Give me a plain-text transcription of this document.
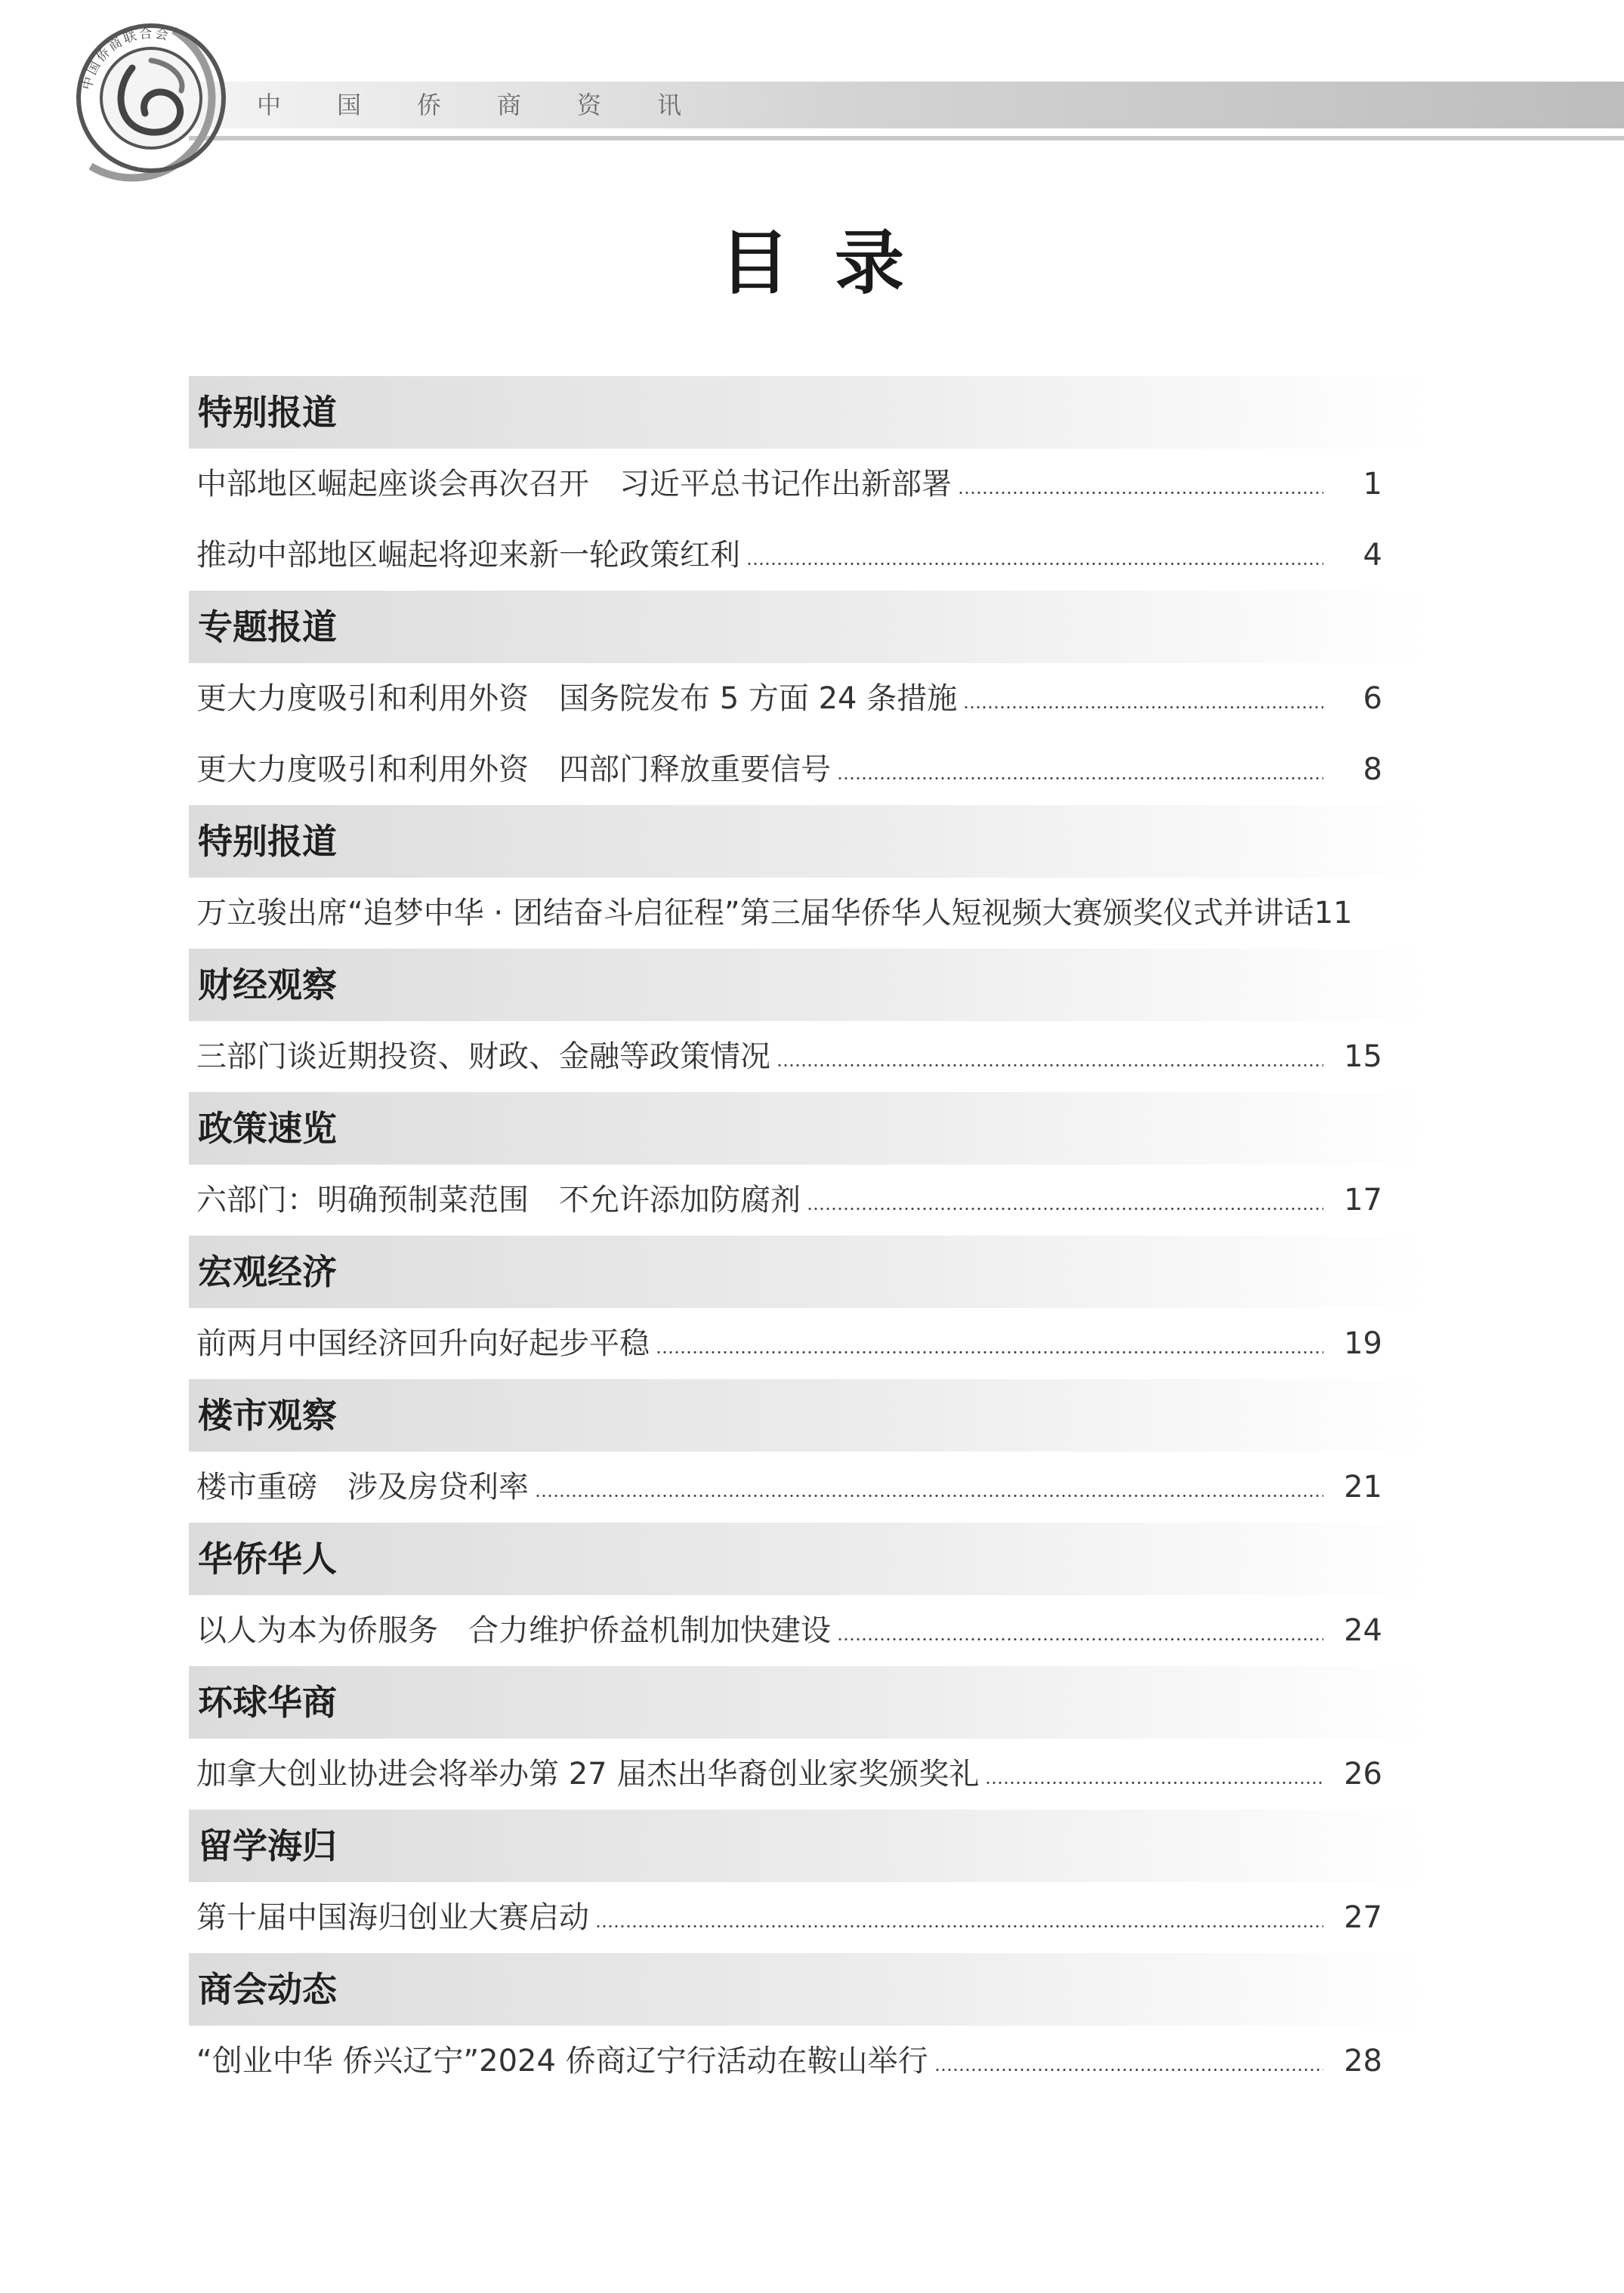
中国侨商资讯
中国侨商联合会
目录
特别报道
中部地区崛起座谈会再次召开　习近平总书记作出新部署	1
推动中部地区崛起将迎来新一轮政策红利	4
专题报道
更大力度吸引和利用外资　国务院发布 5 方面 24 条措施	6
更大力度吸引和利用外资　四部门释放重要信号	8
特别报道
万立骏出席“追梦中华 · 团结奋斗启征程”第三届华侨华人短视频大赛颁奖仪式并讲话 11
财经观察
三部门谈近期投资、财政、金融等政策情况	15
政策速览
六部门：明确预制菜范围　不允许添加防腐剂	17
宏观经济
前两月中国经济回升向好起步平稳	19
楼市观察
楼市重磅　涉及房贷利率	21
华侨华人
以人为本为侨服务　合力维护侨益机制加快建设	24
环球华商
加拿大创业协进会将举办第 27 届杰出华裔创业家奖颁奖礼	26
留学海归
第十届中国海归创业大赛启动	27
商会动态
“创业中华 侨兴辽宁”2024 侨商辽宁行活动在鞍山举行	28
